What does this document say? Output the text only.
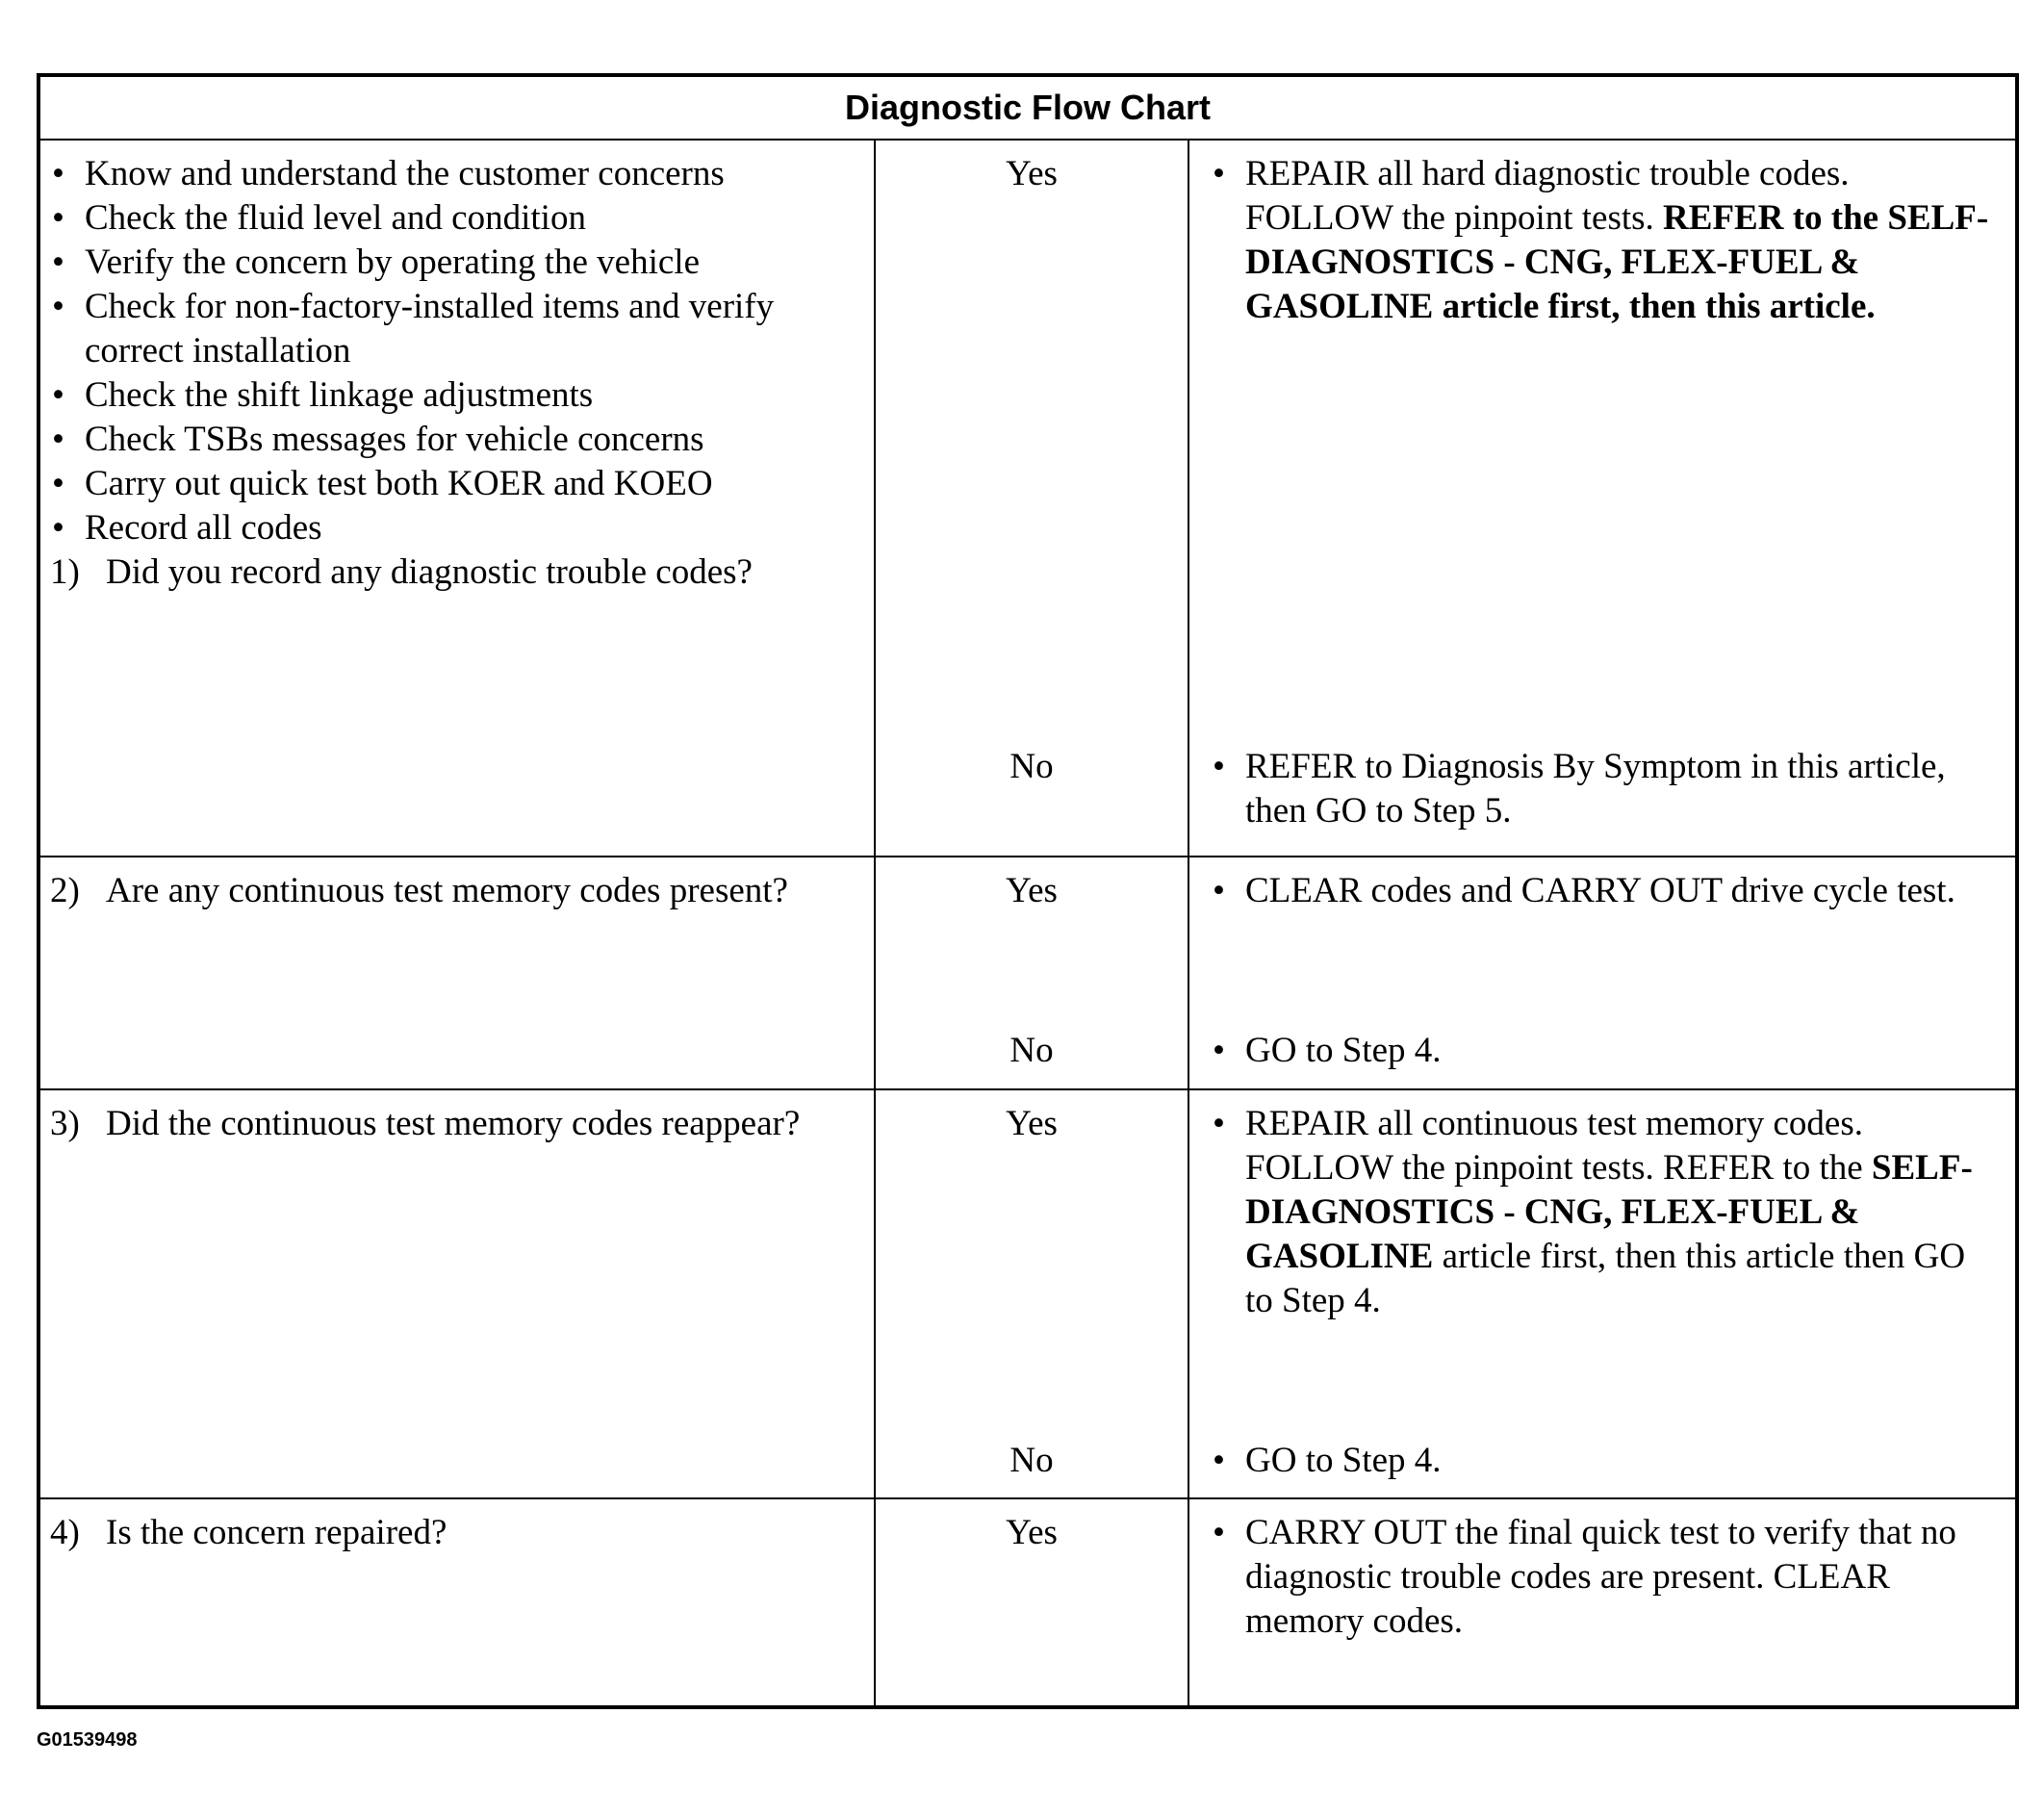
Diagnostic Flow Chart
• Know and understand the customer concerns
• Check the fluid level and condition
• Verify the concern by operating the vehicle
• Check for non-factory-installed items and verify correct installation
• Check the shift linkage adjustments
• Check TSBs messages for vehicle concerns
• Carry out quick test both KOER and KOEO
• Record all codes

1) Did you record any diagnostic trouble codes?

Yes
No
• REPAIR all hard diagnostic trouble codes. FOLLOW the pinpoint tests. REFER to the SELF-DIAGNOSTICS - CNG, FLEX-FUEL & GASOLINE article first, then this article.
• REFER to Diagnosis By Symptom in this article, then GO to Step 5.

2) Are any continuous test memory codes present?	Yes
No
• CLEAR codes and CARRY OUT drive cycle test.
• GO to Step 4.

3) Did the continuous test memory codes reappear?	Yes
No
• REPAIR all continuous test memory codes. FOLLOW the pinpoint tests. REFER to the SELF-DIAGNOSTICS - CNG, FLEX-FUEL & GASOLINE article first, then this article then GO to Step 4.
• GO to Step 4.

4) Is the concern repaired?	Yes
•	CARRY OUT the final quick test to verify that no diagnostic trouble codes are present. CLEAR memory codes.
G01539498
